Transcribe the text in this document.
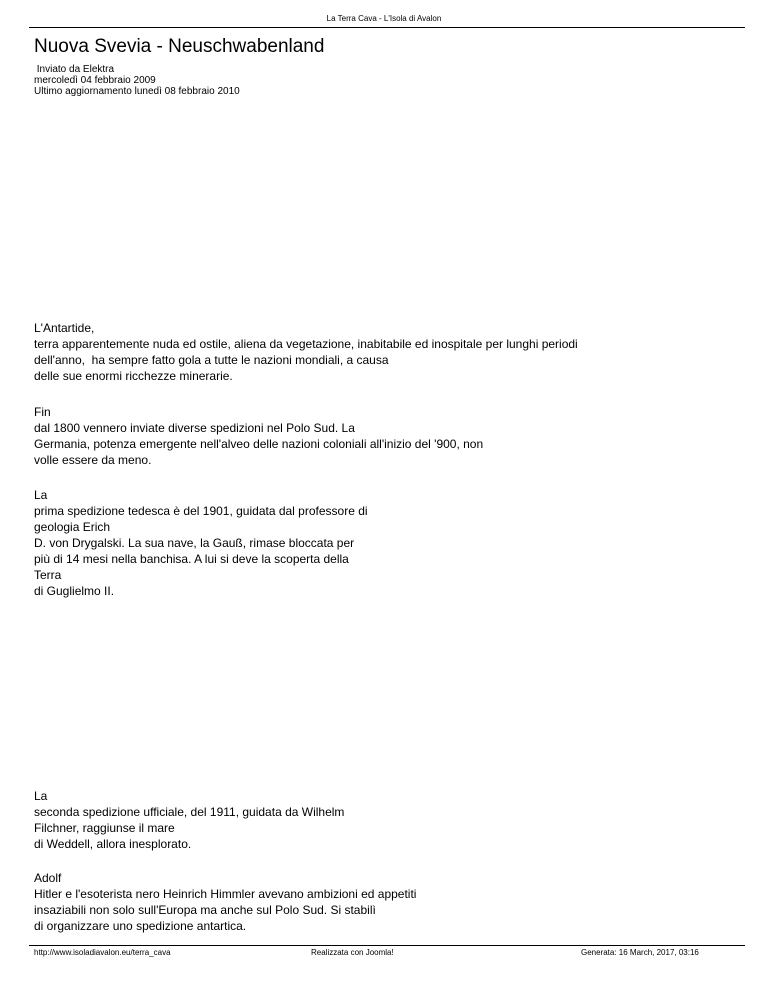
La Terra Cava - L'Isola di Avalon
Nuova Svevia - Neuschwabenland
Inviato da Elektra
mercoledì 04 febbraio 2009
Ultimo aggiornamento lunedì 08 febbraio 2010
L'Antartide,
terra apparentemente nuda ed ostile, aliena da vegetazione, inabitabile ed inospitale per lunghi periodi
dell'anno,  ha sempre fatto gola a tutte le nazioni mondiali, a causa
delle sue enormi ricchezze minerarie.
Fin
dal 1800 vennero inviate diverse spedizioni nel Polo Sud. La
Germania, potenza emergente nell'alveo delle nazioni coloniali all'inizio del '900, non
volle essere da meno.
La
prima spedizione tedesca è del 1901, guidata dal professore di
geologia Erich
D. von Drygalski. La sua nave, la Gauß, rimase bloccata per
più di 14 mesi nella banchisa. A lui si deve la scoperta della
Terra
di Guglielmo II.
La
seconda spedizione ufficiale, del 1911, guidata da Wilhelm
Filchner, raggiunse il mare
di Weddell, allora inesplorato.
Adolf
Hitler e l'esoterista nero Heinrich Himmler avevano ambizioni ed appetiti
insaziabili non solo sull'Europa ma anche sul Polo Sud. Si stabilì
di organizzare uno spedizione antartica.
http://www.isoladiavalon.eu/terra_cava	Realizzata con Joomla!	Generata: 16 March, 2017, 03:16
